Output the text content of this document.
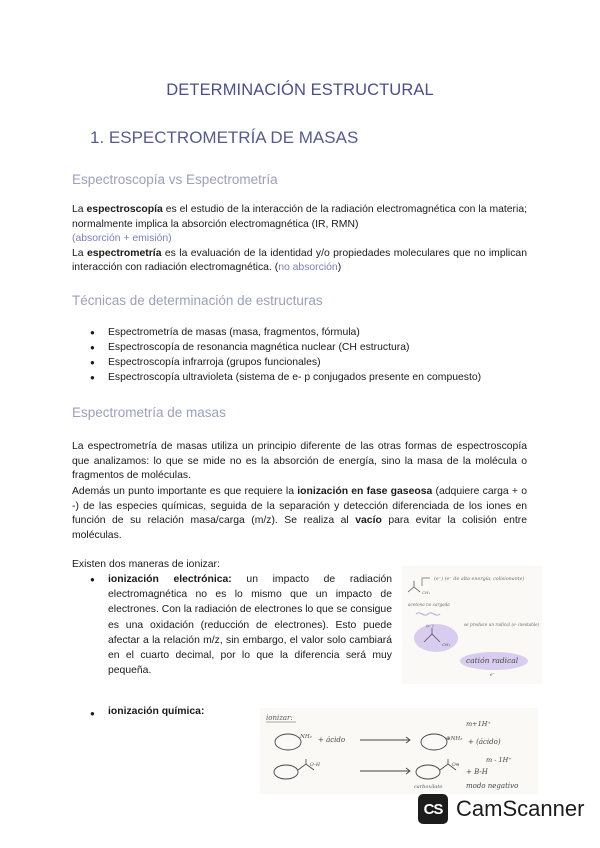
DETERMINACIÓN ESTRUCTURAL
1. ESPECTROMETRÍA DE MASAS
Espectroscopía vs Espectrometría

La espectroscopía es el estudio de la interacción de la radiación electromagnética con la materia; normalmente implica la absorción electromagnética (IR, RMN)
(absorción + emisión)
La espectrometría es la evaluación de la identidad y/o propiedades moleculares que no implican interacción con radiación electromagnética. (no absorción)

Técnicas de determinación de estructuras
● Espectrometría de masas (masa, fragmentos, fórmula)
● Espectroscopía de resonancia magnética nuclear (CH estructura)
● Espectroscopía infrarroja (grupos funcionales)
● Espectroscopía ultravioleta (sistema de e- p conjugados presente en compuesto)
Espectrometría de masas

La espectrometría de masas utiliza un principio diferente de las otras formas de espectroscopía que analizamos: lo que se mide no es la absorción de energía, sino la masa de la molécula o fragmentos de moléculas.

Además un punto importante es que requiere la ionización en fase gaseosa (adquiere carga + o -) de las especies químicas, seguida de la separación y detección diferenciada de los iones en función de su relación masa/carga (m/z). Se realiza al vacío para evitar la colisión entre moléculas.

Existen dos maneras de ionizar:
● ionización electrónica: un impacto de radiación electromagnética no es lo mismo que un impacto de electrones. Con la radiación de electrones lo que se consigue es una oxidación (reducción de electrones). Esto puede afectar a la relación m/z, sin embargo, el valor solo cambiará en el cuarto decimal, por lo que la diferencia será muy pequeña.

● ionización química:
(e⁻) (e⁻ de alta energía, colisionante)
CH₃
acetona no cargada
(e⁻)
CH₃
se produce un radical (e- inestable)
catión radical
e⁻
ionizar:
NH₂ + ácido	⊕NH₃
m+1H⁺
+ (ácido)
O–H	O⊖
+ B-H
m - 1H⁺
carboxilato	modo negativo
CS CamScanner
